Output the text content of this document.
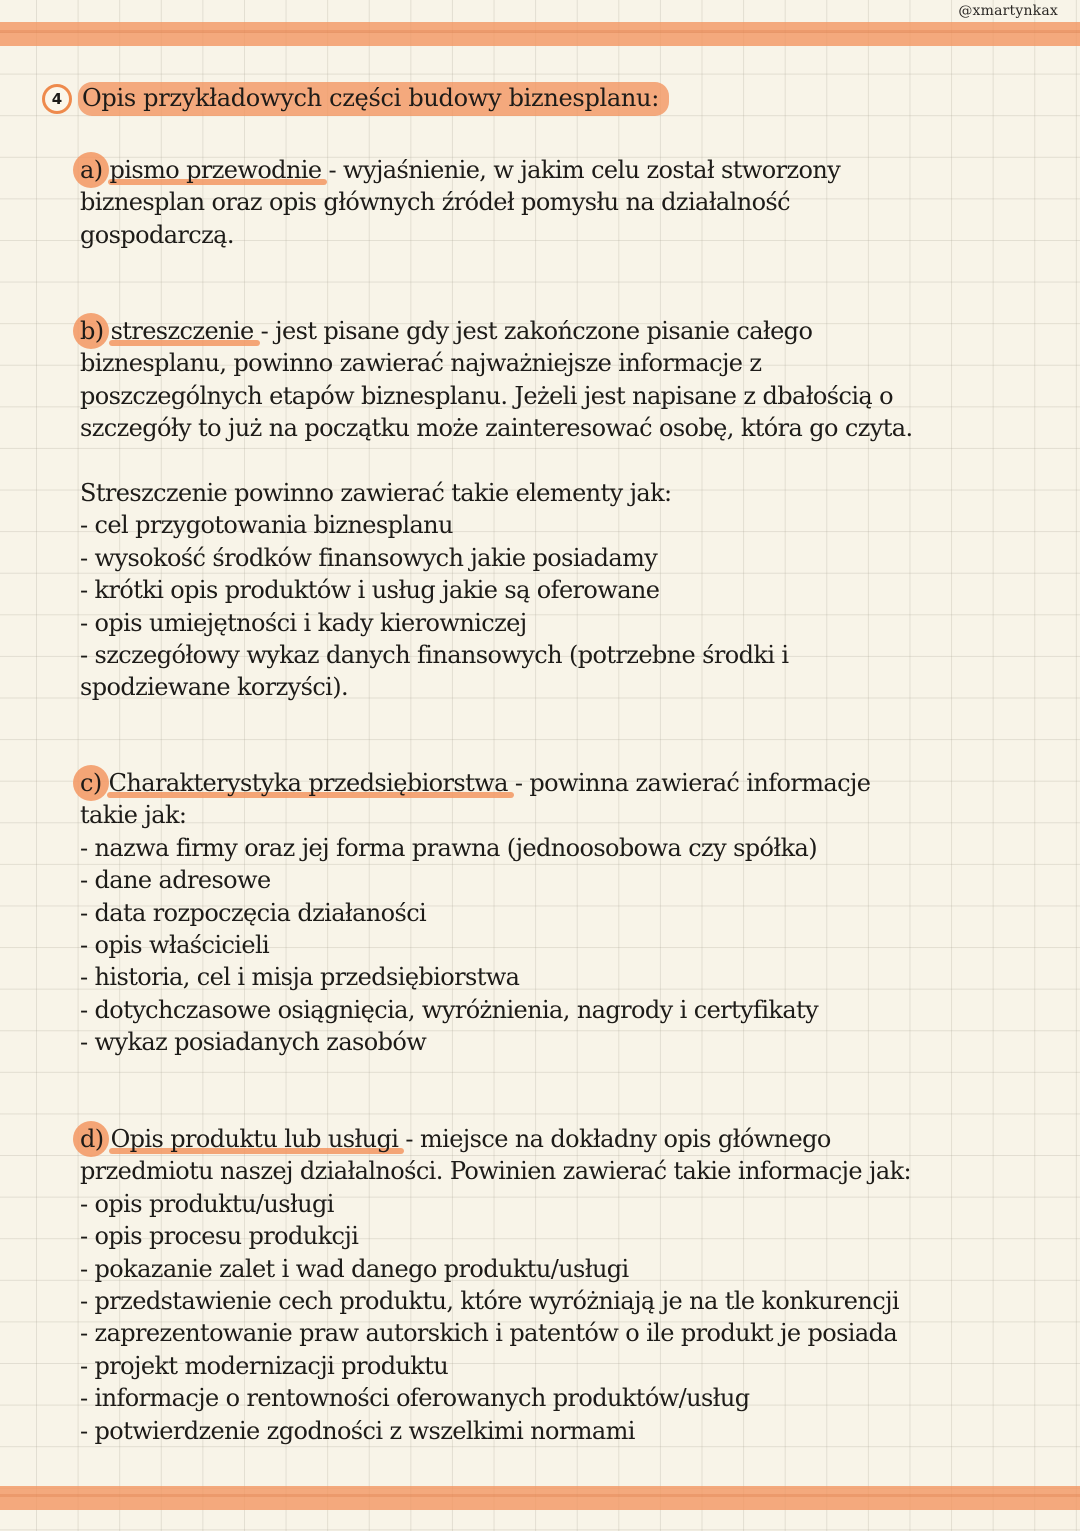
@xmartynkax
4 Opis przykładowych części budowy biznesplanu:
a) pismo przewodnie - wyjaśnienie, w jakim celu został stworzony
biznesplan oraz opis głównych źródeł pomysłu na działalność
gospodarczą.
b) streszczenie - jest pisane gdy jest zakończone pisanie całego
biznesplanu, powinno zawierać najważniejsze informacje z
poszczególnych etapów biznesplanu. Jeżeli jest napisane z dbałością o
szczegóły to już na początku może zainteresować osobę, która go czyta.
Streszczenie powinno zawierać takie elementy jak:
- cel przygotowania biznesplanu
- wysokość środków finansowych jakie posiadamy
- krótki opis produktów i usług jakie są oferowane
- opis umiejętności i kady kierowniczej
- szczegółowy wykaz danych finansowych (potrzebne środki i
spodziewane korzyści).
c) Charakterystyka przedsiębiorstwa - powinna zawierać informacje
takie jak:
- nazwa firmy oraz jej forma prawna (jednoosobowa czy spółka)
- dane adresowe
- data rozpoczęcia działaności
- opis właścicieli
- historia, cel i misja przedsiębiorstwa
- dotychczasowe osiągnięcia, wyróżnienia, nagrody i certyfikaty
- wykaz posiadanych zasobów
d) Opis produktu lub usługi - miejsce na dokładny opis głównego
przedmiotu naszej działalności. Powinien zawierać takie informacje jak:
- opis produktu/usługi
- opis procesu produkcji
- pokazanie zalet i wad danego produktu/usługi
- przedstawienie cech produktu, które wyróżniają je na tle konkurencji
- zaprezentowanie praw autorskich i patentów o ile produkt je posiada
- projekt modernizacji produktu
- informacje o rentowności oferowanych produktów/usług
- potwierdzenie zgodności z wszelkimi normami
